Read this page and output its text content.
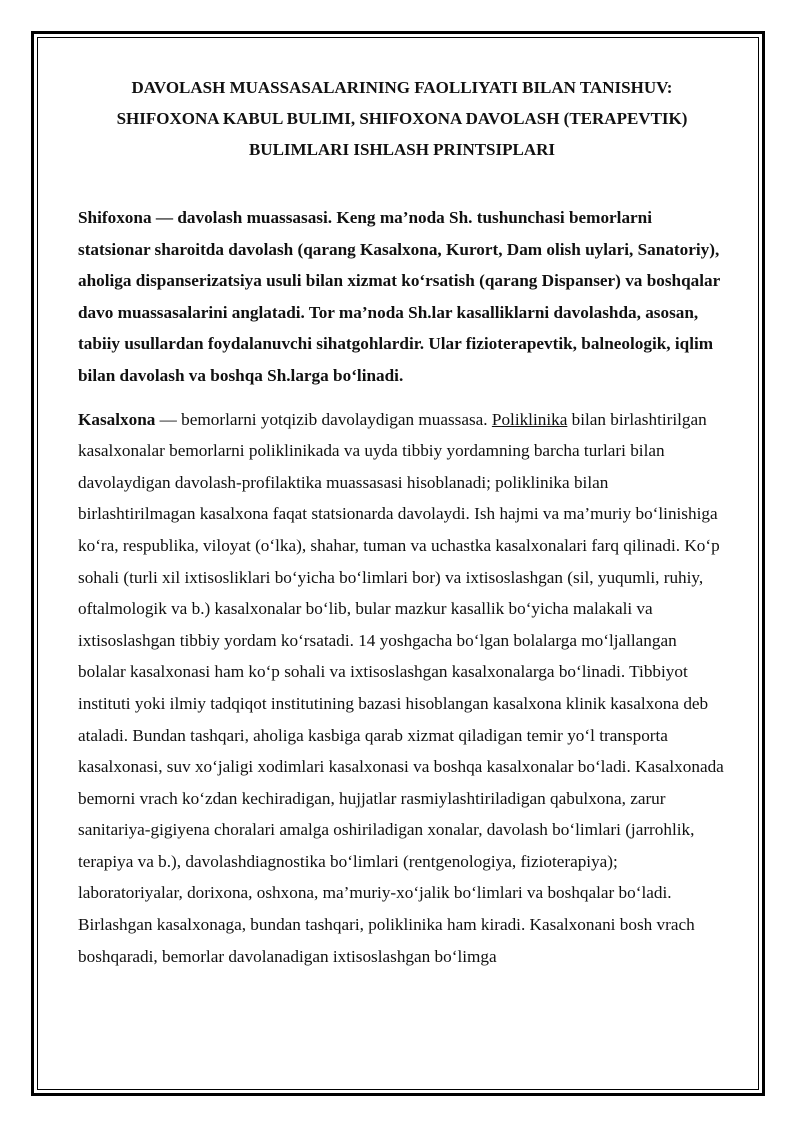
DAVOLASH MUASSASALARINING FAOLLIYATI BILAN TANISHUV: SHIFOXONA KABUL BULIMI, SHIFOXONA DAVOLASH (TERAPEVTIK) BULIMLARI ISHLASH PRINTSIPLARI

Shifoxona — davolash muassasasi. Keng ma’noda Sh. tushunchasi bemorlarni statsionar sharoitda davolash (qarang Kasalxona, Kurort, Dam olish uylari, Sanatoriy), aholiga dispanserizatsiya usuli bilan xizmat ko‘rsatish (qarang Dispanser) va boshqalar davo muassasalarini anglatadi. Tor ma’noda Sh.lar kasalliklarni davolashda, asosan, tabiiy usullardan foydalanuvchi sihatgohlardir. Ular fizioterapevtik, balneologik, iqlim bilan davolash va boshqa Sh.larga bo‘linadi.

Kasalxona — bemorlarni yotqizib davolaydigan muassasa. Poliklinika bilan birlashtirilgan kasalxonalar bemorlarni poliklinikada va uyda tibbiy yordamning barcha turlari bilan davolaydigan davolash-profilaktika muassasasi hisoblanadi; poliklinika bilan birlashtirilmagan kasalxona faqat statsionarda davolaydi. Ish hajmi va ma’muriy bo‘linishiga ko‘ra, respublika, viloyat (o‘lka), shahar, tuman va uchastka kasalxonalari farq qilinadi. Ko‘p sohali (turli xil ixtisosliklari bo‘yicha bo‘limlari bor) va ixtisoslashgan (sil, yuqumli, ruhiy, oftalmologik va b.) kasalxonalar bo‘lib, bular mazkur kasallik bo‘yicha malakali va ixtisoslashgan tibbiy yordam ko‘rsatadi. 14 yoshgacha bo‘lgan bolalarga mo‘ljallangan bolalar kasalxonasi ham ko‘p sohali va ixtisoslashgan kasalxonalarga bo‘linadi. Tibbiyot instituti yoki ilmiy tadqiqot institutining bazasi hisoblangan kasalxona klinik kasalxona deb ataladi. Bundan tashqari, aholiga kasbiga qarab xizmat qiladigan temir yo‘l transporta kasalxonasi, suv xo‘jaligi xodimlari kasalxonasi va boshqa kasalxonalar bo‘ladi. Kasalxonada bemorni vrach ko‘zdan kechiradigan, hujjatlar rasmiylashtiriladigan qabulxona, zarur sanitariya-gigiyena choralari amalga oshiriladigan xonalar, davolash bo‘limlari (jarrohlik, terapiya va b.), davolashdiagnostika bo‘limlari (rentgenologiya, fizioterapiya); laboratoriyalar, dorixona, oshxona, ma’muriy-xo‘jalik bo‘limlari va boshqalar bo‘ladi. Birlashgan kasalxonaga, bundan tashqari, poliklinika ham kiradi. Kasalxonani bosh vrach boshqaradi, bemorlar davolanadigan ixtisoslashgan bo‘limga
